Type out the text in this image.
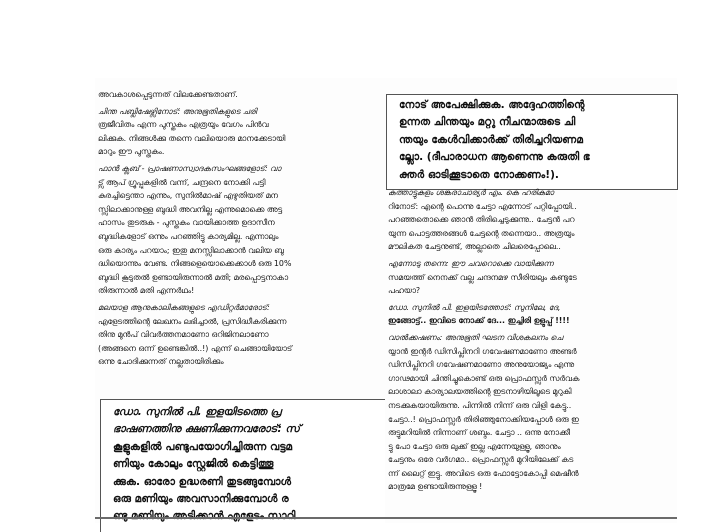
അവകാശപ്പെടുന്നത് വിലക്കേണ്ടതാണ്.
ചിന്ത പബ്ലിഷേഴ്സിനോട്: അനുഭൂതികളുടെ ചരി
ത്രജീവിതം എന്ന പുസ്തകം എത്രയും വേഗം പിൻവ
ലിക്കുക. നിങ്ങൾക്കു തന്നെ വലിയൊരു മാനക്കേടായി
മാറും ഈ പുസ്തകം.
ഫാൻ ക്ലബ് - പ്രാഷണാസ്വാദകസംഘങ്ങളോട്: വാ
ട്സ് ആപ് ഗ്രൂപ്പുകളിൽ വന്ന്, ചന്ദ്രനെ നോക്കി പട്ടി
കുരച്ചിട്ടെന്താ എന്നും, സുനിൽമാഷ് എഴുതിയത് മന
സ്സിലാക്കാനുള്ള ബുദ്ധി അവനില്ല എന്നുമൊക്കെ അട്ട
ഹാസം തുടരുക - പുസ്തകം വായിക്കാത്ത ഉദാസീന
ബുദ്ധികളോട് ഒന്നും പറഞ്ഞിട്ടു കാര്യമില്ല. എന്നാലും
ഒരു കാര്യം പറയാം; ഇതു മനസ്സിലാക്കാൻ വലിയ ബു
ദ്ധിയൊന്നും വേണ്ട. നിങ്ങളെയൊക്കെക്കാൾ ഒരു 10%
ബുദ്ധി കൂടുതൽ ഉണ്ടായിരുന്നാൽ മതി; മരപ്പൊട്ടനാകാ
തിരുന്നാൽ മതി എന്നർഥം!
മലയാള ആനുകാലികങ്ങളുടെ എഡിറ്റർമാരോട്:
എളേടത്തിന്റെ ലേഖനം ലഭിച്ചാൽ, പ്രസിദ്ധീകരിക്കുന്ന
തിനു മുൻപ് വിവർത്തനമാണോ ഒറിജിനലാണോ
(അങ്ങനെ ഒന്ന് ഉണ്ടെങ്കിൽ..!) എന്ന് ചെങ്ങായിയോട്
ഒന്നു ചോദിക്കുന്നത് നല്ലതായിരിക്കും
ഡോ. സുനിൽ പി. ഇളയിടത്തെ പ്ര
ഭാഷണത്തിനു ക്ഷണിക്കുന്നവരോട്: സ്
കൂളുകളിൽ പണ്ടുപയോഗിച്ചിരുന്ന വട്ടമ
ണിയും കോലും സ്റ്റേജിൽ കെട്ടിത്തൂ
ക്കുക. ഓരോ ഉദ്ധരണി തുടങ്ങുമ്പോൾ
ഒരു മണിയും അവസാനിക്കുമ്പോൾ ര
നോട് അപേക്ഷിക്കുക. അദ്ദേഹത്തിന്റെ
ഉന്നത ചിന്തയും മറ്റു നീചന്മാരുടെ ചി
ന്തയും കേൾവിക്കാർക്ക് തിരിച്ചറിയണമ
ല്ലോ. (ദീപാരാധന ആണെന്നു കരുതി ഭ
ക്തർ ഓടിക്കൂടാതെ നോക്കണം!).
കുത്താട്ടുകുളം ശങ്കരാചാര്യർ എം. കെ ഹരികുമാ
റിനോട്: എന്റെ പൊന്നു ചേട്ടാ എന്നോട് പറ്റിപ്പോയി..
പറഞ്ഞതൊക്കെ ഞാൻ തിരിച്ചെടുക്കുന്നു.. ചേട്ടൻ പറ
യുന്ന പൊട്ടത്തരങ്ങൾ ചേട്ടന്റെ തന്നെയാ.. അത്രയും
മൗലികത ചേട്ടനുണ്ട്, അല്ലാതെ ചിലരെപ്പോലെ..
എന്നോടു തന്നെ: ഈ ചവറൊക്കെ വായിക്കുന്ന
സമയത്ത് നെനക്ക് വല്ല ചന്ദനമഴ സീരിയലും കണ്ടുടേ
പഹയാ?
ഡോ. സുനിൽ പി. ഇളയിടത്തോട്: സുനിലേ, ദേ,
ഇങ്ങോട്ട്.. ഇവിടെ നോക്ക് ദേ... ഇച്ചിരി ഉളുപ്പ് !!!!
വാൽക്കഷണം: അനുഭൂതി ഘടന വിശകലനം ചെ
യ്യാൻ ഇന്റർ ഡിസിപ്ലിനറി ഗവേഷണമാണോ അണ്ടർ
ഡിസിപ്ലിനറി ഗവേഷണമാണോ അനുയോജ്യം എന്നു
ഗാഢമായി ചിന്തിച്ചുകൊണ്ട് ഒരു പ്രൊഫസ്സർ സർവക
ലാശാലാ കാര്യാലയത്തിന്റെ ഇടനാഴിയിലൂടെ മുറുകി
നടക്കുകയായിരുന്നു. പിന്നിൽ നിന്ന് ഒരു വിളി കേട്ടു..
ചേട്ടാ..! പ്രൊഫസ്സർ തിരിഞ്ഞുനോക്കിയപ്പോൾ ഒരു ഇ
രുട്ടുമറിയിൽ നിന്നാണ് ശബ്ദം. ചേട്ടാ .. ഒന്നു നോക്കീ
ട്ടു പോ ചേട്ടാ ഒരു ലുക്ക് ഇല്ല എന്നേയുള്ളൂ, ഞാനും
ചേട്ടനും ഒരേ വർഗമാ.. പ്രൊഫസ്സർ മുറിയിലേക്ക് കട
ന്ന് ലൈറ്റ് ഇട്ടു. അവിടെ ഒരു ഫോട്ടോകോപ്പി മെഷീൻ
മാത്രമേ ഉണ്ടായിരുന്നുള്ളൂ !
